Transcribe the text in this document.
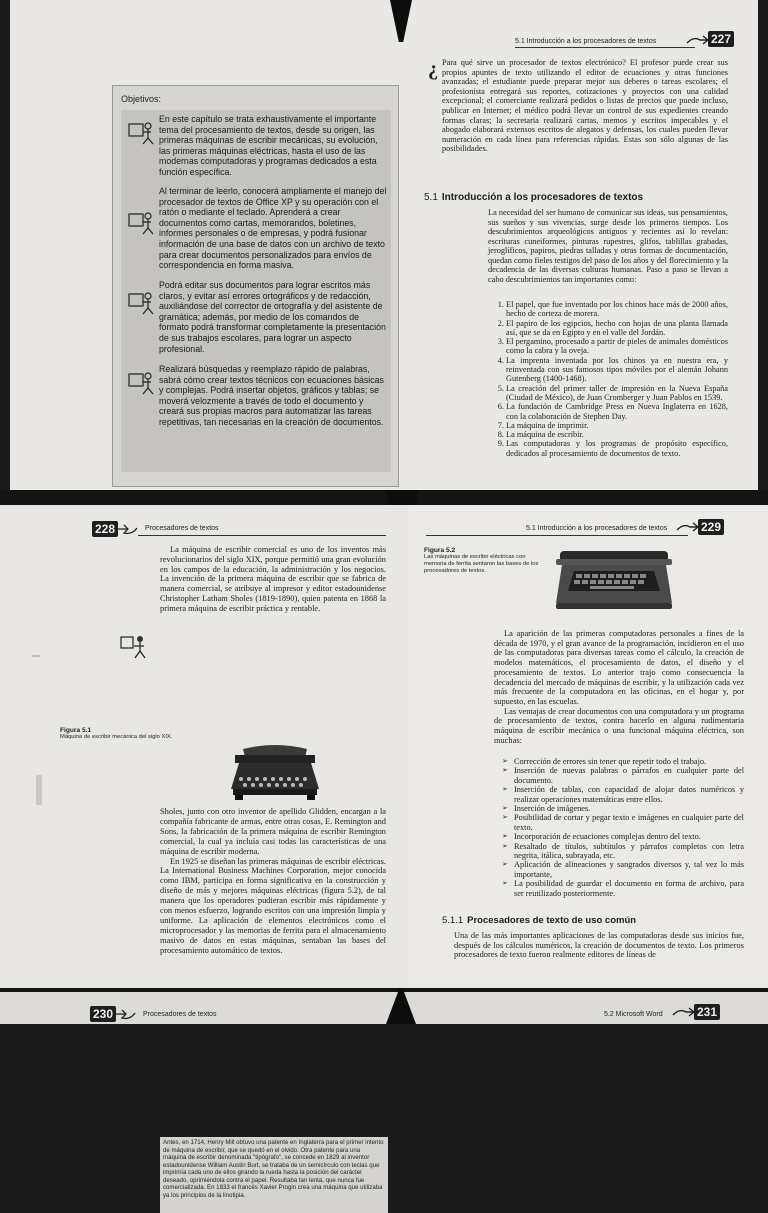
5.1 Introducción a los procesadores de textos	227
Objetivos:
En este capítulo se trata exhaustivamente el importante tema del procesamiento de textos, desde su origen, las primeras máquinas de escribir mecánicas, su evolución, las primeras máquinas eléctricas, hasta el uso de las modernas computadoras y programas dedicados a esta función específica.
Al terminar de leerlo, conocerá ampliamente el manejo del procesador de textos de Office XP y su operación con el ratón o mediante el teclado. Aprenderá a crear documentos como cartas, memorandos, boletines, informes personales o de empresas, y podrá fusionar información de una base de datos con un archivo de texto para crear documentos personalizados para envíos de correspondencia en forma masiva.
Podrá editar sus documentos para lograr escritos más claros, y evitar así errores ortográficos y de redacción, auxiliándose del corrector de ortografía y del asistente de gramática; además, por medio de los comandos de formato podrá transformar completamente la presentación de sus trabajos escolares, para lograr un aspecto profesional.
Realizará búsquedas y reemplazo rápido de palabras, sabrá cómo crear textos técnicos con ecuaciones básicas y complejas. Podrá insertar objetos, gráficos y tablas; se moverá velozmente a través de todo el documento y creará sus propias macros para automatizar las tareas repetitivas, tan necesarias en la creación de documentos.
¿ Para qué sirve un procesador de textos electrónico? El profesor puede crear sus propios apuntes de texto utilizando el editor de ecuaciones y otras funciones avanzadas; el estudiante puede preparar mejor sus deberes o tareas escolares; el profesionista entregará sus reportes, cotizaciones y proyectos con una calidad excepcional; el comerciante realizará pedidos o listas de precios que puede incluso, publicar en Internet; el médico podrá llevar un control de sus expedientes creando formas claras; la secretaria realizará cartas, memos y escritos impecables y el abogado elaborará extensos escritos de alegatos y defensas, los cuales pueden llevar numeración en cada línea para referencias rápidas. Estas son sólo algunas de las posibilidades.
5.1 Introducción a los procesadores de textos
La necesidad del ser humano de comunicar sus ideas, sus pensamientos, sus sueños y sus vivencias, surge desde los primeros tiempos. Los descubrimientos arqueológicos antiguos y recientes así lo revelan: escrituras cuneiformes, pinturas rupestres, glifos, tablillas grabadas, jeroglíficos, papiros, piedras talladas y otras formas de documentación, quedan como fieles testigos del paso de los años y del florecimiento y la decadencia de las diversas culturas humanas. Paso a paso se llevan a cabo descubrimientos tan importantes como:
1. El papel, que fue inventado por los chinos hace más de 2000 años, hecho de corteza de morera.
2. El papiro de los egipcios, hecho con hojas de una planta llamada así, que se da en Egipto y en el valle del Jordán.
3. El pergamino, procesado a partir de pieles de animales domésticos como la cabra y la oveja.
4. La imprenta inventada por los chinos ya en nuestra era, y reinventada con sus famosos tipos móviles por el alemán Johann Gutenberg (1400-1468).
5. La creación del primer taller de impresión en la Nueva España (Ciudad de México), de Juan Cromberger y Juan Pablos en 1539.
6. La fundación de Cambridge Press en Nueva Inglaterra en 1628, con la colaboración de Stephen Day.
7. La máquina de imprimir.
8. La máquina de escribir.
9. Las computadoras y los programas de propósito específico, dedicados al procesamiento de documentos de texto.
228	Procesadores de textos

La máquina de escribir comercial es uno de los inventos más revolucionarios del siglo XIX, porque permitió una gran evolución en los campos de la educación, la administración y los negocios. La invención de la primera máquina de escribir que se fabrica de manera comercial, se atribuye al impresor y editor estadounidense Christopher Latham Sholes (1819-1890), quien patenta en 1868 la primera máquina de escribir práctica y rentable.

Antes, en 1714, Henry Mill obtuvo una patente en Inglaterra para el primer intento de máquina de escribir, que se quedó en el olvido. Otra patente para una máquina de escribir denominada "tipógrafo", se concede en 1829 al inventor estadounidense William Austin Burt, se trataba de un semicírculo con teclas que imprimía cada uno de ellos girando la rueda hasta la posición del carácter deseado, oprimiéndola contra el papel. Resultaba tan lenta, que nunca fue comercializada. En 1833 el francés Xavier Progin crea una máquina que utilizaba ya los principios de la linotipia.
Figura 5.1
Máquina de escribir mecánica del siglo XIX.

Sholes, junto con otro inventor de apellido Glidden, encargan a la compañía fabricante de armas, entre otras cosas, E. Remington and Sons, la fabricación de la primera máquina de escribir Remington comercial, la cual ya incluía casi todas las características de una máquina de escribir moderna.

En 1925 se diseñan las primeras máquinas de escribir eléctricas. La International Business Machines Corporation, mejor conocida como IBM, participa en forma significativa en la construcción y diseño de más y mejores máquinas eléctricas (figura 5.2), de tal manera que los operadores pudieran escribir más rápidamente y con menos esfuerzo, logrando escritos con una impresión limpia y uniforme. La aplicación de elementos electrónicos como el microprocesador y las memorias de ferrita para el almacenamiento masivo de datos en estas máquinas, sentaban las bases del procesamiento automático de textos.

5.1 Introducción a los procesadores de textos	229
Figura 5.2
Las máquinas de escribir eléctricas con memoria de ferrita sentaron las bases de los procesadores de textos.

La aparición de las primeras computadoras personales a fines de la década de 1970, y el gran avance de la programación, incidieron en el uso de las computadoras para diversas tareas como el cálculo, la creación de modelos matemáticos, el procesamiento de datos, el diseño y el procesamiento de textos. Lo anterior trajo como consecuencia la decadencia del mercado de máquinas de escribir, y la utilización cada vez más frecuente de la computadora en las oficinas, en el hogar y, por supuesto, en las escuelas.

Las ventajas de crear documentos con una computadora y un programa de procesamiento de textos, contra hacerlo en alguna rudimentaria máquina de escribir mecánica o una funcional máquina eléctrica, son muchas:

➢ Corrección de errores sin tener que repetir todo el trabajo.
➢ Inserción de nuevas palabras o párrafos en cualquier parte del documento.
➢ Inserción de tablas, con capacidad de alojar datos numéricos y realizar operaciones matemáticas entre ellos.
➢ Inserción de imágenes.
➢ Posibilidad de cortar y pegar texto e imágenes en cualquier parte del texto.
➢ Incorporación de ecuaciones complejas dentro del texto.
➢ Resaltado de títulos, subtítulos y párrafos completos con letra negrita, itálica, subrayada, etc.
➢ Aplicación de alineaciones y sangrados diversos y, tal vez lo más importante,
➢ La posibilidad de guardar el documento en forma de archivo, para ser reutilizado posteriormente.
5.1.1 Procesadores de texto de uso común

Una de las más importantes aplicaciones de las computadoras desde sus inicios fue, después de los cálculos numéricos, la creación de documentos de texto. Los primeros procesadores de texto fueron realmente editores de líneas de

230	Procesadores de textos	5.2 Microsoft Word	231
